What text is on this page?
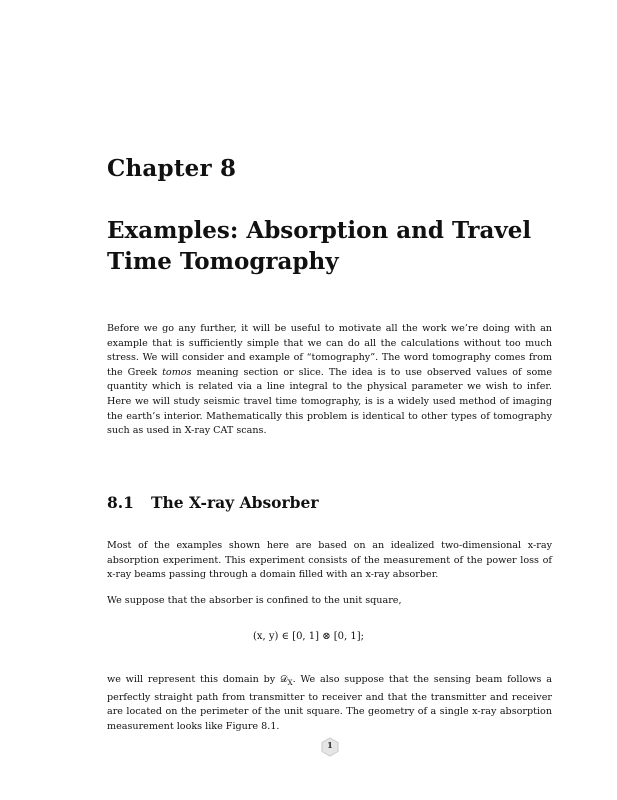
Chapter 8
Examples: Absorption and Travel Time Tomography

Before we go any further, it will be useful to motivate all the work we’re doing with an example that is sufficiently simple that we can do all the calculations without too much stress. We will consider and example of “tomography”. The word tomography comes from the Greek tomos meaning section or slice. The idea is to use observed values of some quantity which is related via a line integral to the physical parameter we wish to infer. Here we will study seismic travel time tomography, is is a widely used method of imaging the earth’s interior. Mathematically this problem is identical to other types of tomography such as used in X-ray CAT scans.

8.1 The X-ray Absorber

Most of the examples shown here are based on an idealized two-dimensional x-ray absorption experiment. This experiment consists of the measurement of the power loss of x-ray beams passing through a domain filled with an x-ray absorber.

We suppose that the absorber is confined to the unit square,

(x, y) ∈ [0, 1] ⊗ [0, 1];

we will represent this domain by 𝒟$_X$. We also suppose that the sensing beam follows a perfectly straight path from transmitter to receiver and that the transmitter and receiver are located on the perimeter of the unit square. The geometry of a single x-ray absorption measurement looks like Figure 8.1.

1
